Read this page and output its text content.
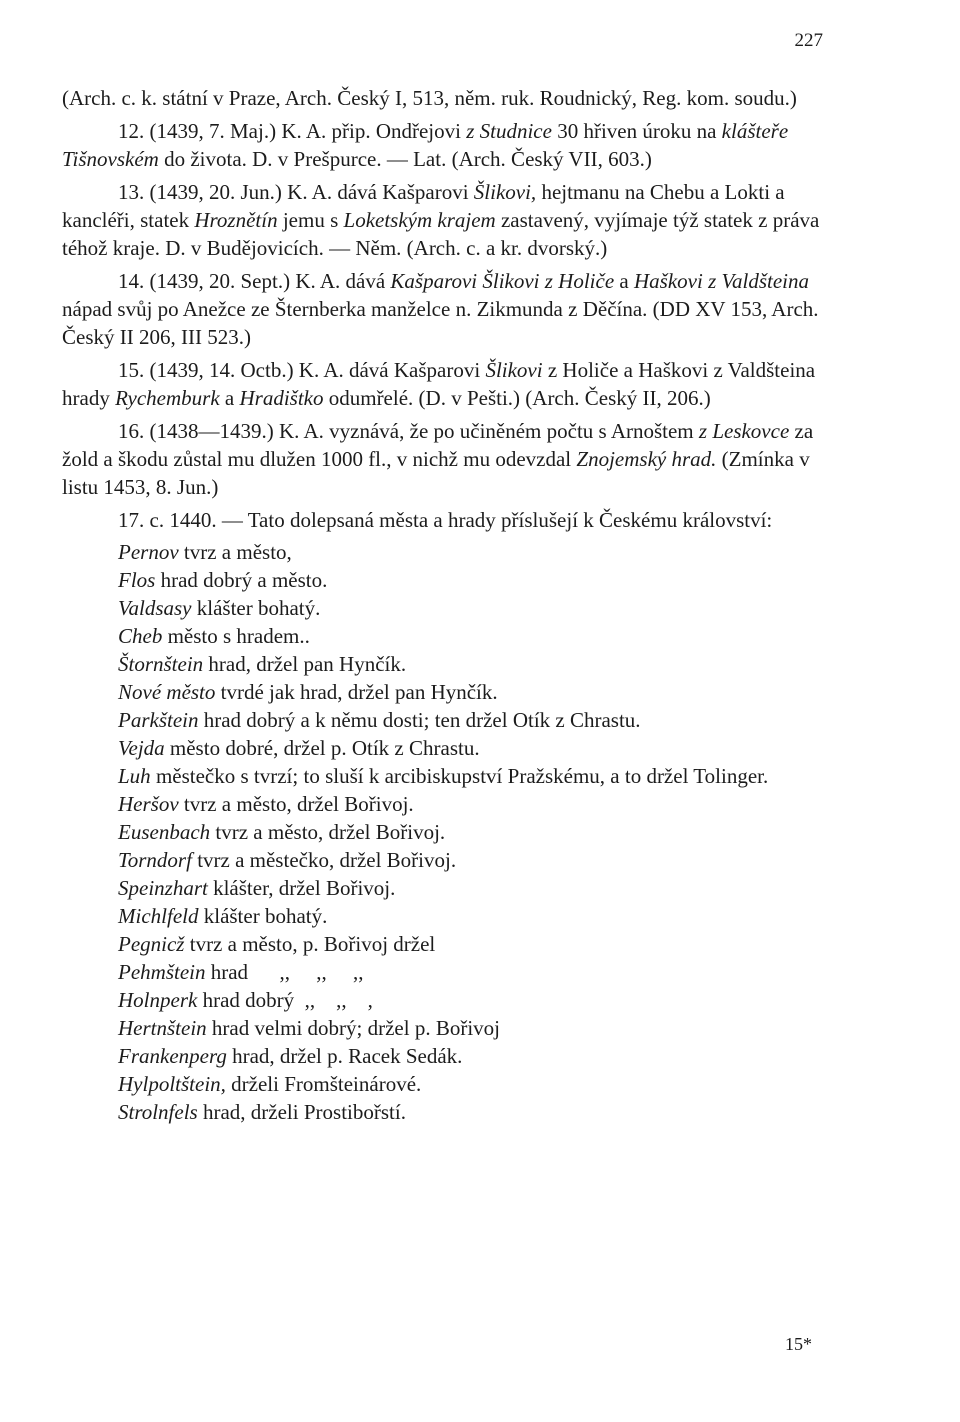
227

(Arch. c. k. státní v Praze, Arch. Český I, 513, něm. ruk. Roudnický, Reg. kom. soudu.)

12. (1439, 7. Maj.) K. A. přip. Ondřejovi z Studnice 30 hřiven úroku na klášteře Tišnovském do života. D. v Prešpurce. — Lat. (Arch. Český VII, 603.)

13. (1439, 20. Jun.) K. A. dává Kašparovi Šlikovi, hejtmanu na Chebu a Lokti a kancléři, statek Hroznětín jemu s Loketským krajem zastavený, vyjímaje týž statek z práva téhož kraje. D. v Budějovicích. — Něm. (Arch. c. a kr. dvorský.)

14. (1439, 20. Sept.) K. A. dává Kašparovi Šlikovi z Holiče a Haškovi z Valdšteina nápad svůj po Anežce ze Šternberka manželce n. Zikmunda z Děčína. (DD XV 153, Arch. Český II 206, III 523.)

15. (1439, 14. Octb.) K. A. dává Kašparovi Šlikovi z Holiče a Haškovi z Valdšteina hrady Rychemburk a Hradištko odumřelé. (D. v Pešti.) (Arch. Český II, 206.)

16. (1438—1439.) K. A. vyznává, že po učiněném počtu s Arnoštem z Leskovce za žold a škodu zůstal mu dlužen 1000 fl., v nichž mu odevzdal Znojemský hrad. (Zmínka v listu 1453, 8. Jun.)

17. c. 1440. — Tato dolepsaná města a hrady příslušejí k Českému království:

Pernov tvrz a město,
Flos hrad dobrý a město.
Valdsasy klášter bohatý.
Cheb město s hradem..
Štornštein hrad, držel pan Hynčík.
Nové město tvrdé jak hrad, držel pan Hynčík.
Parkštein hrad dobrý a k němu dosti; ten držel Otík z Chrastu.
Vejda město dobré, držel p. Otík z Chrastu.
Luh městečko s tvrzí; to sluší k arcibiskupství Pražskému, a to držel Tolinger.
Heršov tvrz a město, držel Bořivoj.
Eusenbach tvrz a město, držel Bořivoj.
Torndorf tvrz a městečko, držel Bořivoj.
Speinzhart klášter, držel Bořivoj.
Michlfeld klášter bohatý.
Pegnicž tvrz a město, p. Bořivoj držel
Pehmštein hrad      ,,     ,,     ,,
Holnperk hrad dobrý  ,,    ,,    ,
Hertnštein hrad velmi dobrý; držel p. Bořivoj
Frankenperg hrad, držel p. Racek Sedák.
Hylpoltštein, drželi Fromšteinárové.
Strolnfels hrad, drželi Prostibořstí.
15*
